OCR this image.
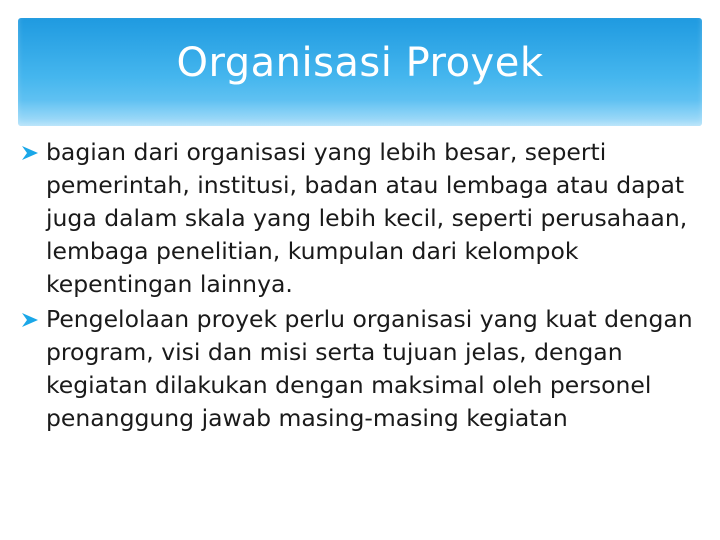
Organisasi Proyek
bagian dari organisasi yang lebih besar, seperti pemerintah, institusi, badan atau lembaga atau dapat juga dalam skala yang lebih kecil, seperti perusahaan, lembaga penelitian, kumpulan dari kelompok kepentingan lainnya.
Pengelolaan proyek perlu organisasi yang kuat dengan program, visi dan misi serta tujuan jelas, dengan kegiatan dilakukan dengan maksimal oleh personel penanggung jawab masing-masing kegiatan
